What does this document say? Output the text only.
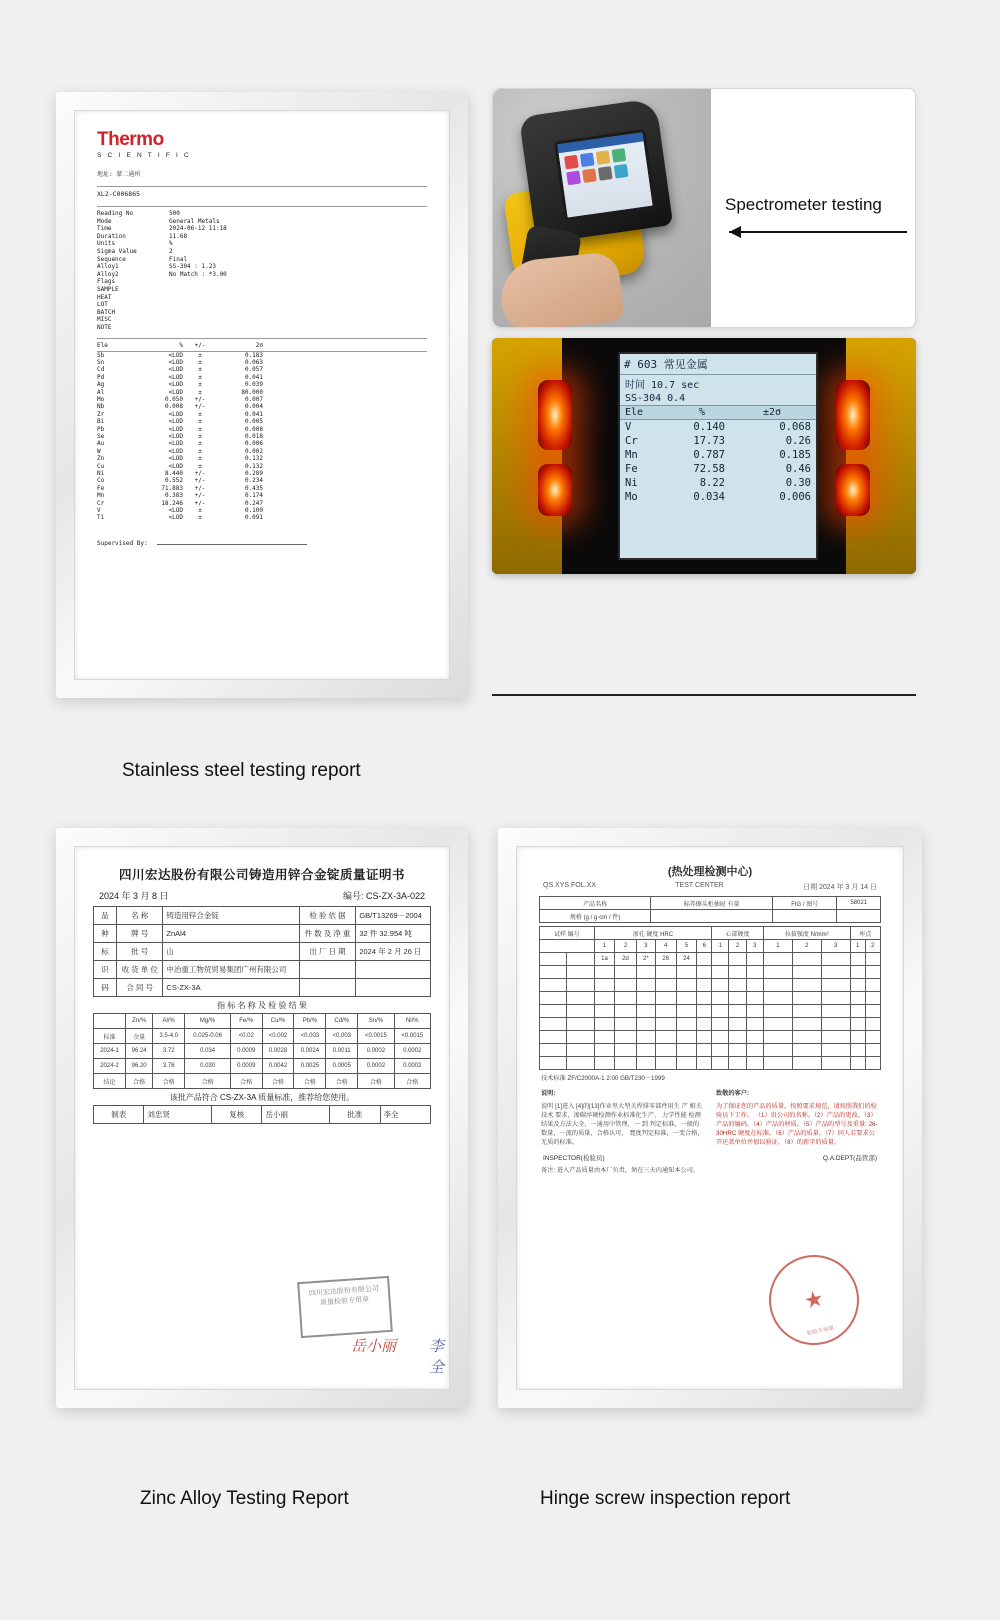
Thermo
S C I E N T I F I C
地址: 蒙二通州
XL2-C006865
Reading No	500
Mode	General Metals
Time	2024-06-12 11:18
Duration	11.68
Units	%
Sigma Value	2
Sequence	Final
Alloy1	SS-304 : 1.23
Alloy2	No Match : *3.00
Flags
SAMPLE
HEAT
LOT
BATCH
MISC
NOTE
Ele	%	+/-	2σ
Sb	<LOD	±	0.183
Sn	<LOD	±	0.063
Cd	<LOD	±	0.057
Pd	<LOD	±	0.041
Ag	<LOD	±	0.039
Al	<LOD	±	80.000
Mo	0.050	+/-	0.007
Nb	0.008	+/-	0.004
Zr	<LOD	±	0.041
Bi	<LOD	±	0.005
Pb	<LOD	±	0.008
Se	<LOD	±	0.018
Au	<LOD	±	0.006
W	<LOD	±	0.002
Zn	<LOD	±	0.132
Cu	<LOD	±	0.132
Ni	8.440	+/-	0.289
Co	0.552	+/-	0.234
Fe	71.883	+/-	0.435
Mn	0.383	+/-	0.174
Cr	18.246	+/-	0.247
V	<LOD	±	0.100
Ti	<LOD	±	0.091
Supervised By:
Spectrometer testing
# 603 常见金属
时间 10.7 sec
SS-304 0.4
Ele	%	±2σ
V	0.140	0.068
Cr	17.73	0.26
Mn	0.787	0.185
Fe	72.58	0.46
Ni	8.22	0.30
Mo	0.034	0.006
Stainless steel testing report
四川宏达股份有限公司铸造用锌合金锭质量证明书
2024 年 3 月 8 日	编号: CS-ZX-3A-022
品	名 称	铸造用锌合金锭	检 验 依 据	GB/T13269－2004
种	牌 号	ZnAl4	件 数 及 净 重	32 件 32.954 吨
标	批 号	山	出 厂 日 期	2024 年 2 月 26 日
识	收 货 单 位	中冶重工物贸贸易集团广州有限公司		
码	合 同 号	CS-ZX-3A		
指 标 名 称 及 检 验 结 果
	Zn/%	Al/%	Mg/%	Fe/%	Cu/%	Pb/%	Cd/%	Sn/%	Ni/%
标准	余量	3.5-4.0	0.025-0.06	<0.02	<0.002	<0.003	<0.003	<0.0015	<0.0015
2024-1	96.24	3.72	0.034	0.0009	0.0028	0.0024	0.0011	0.0002	0.0002
2024-2	96.20	3.76	0.030	0.0009	0.0042	0.0025	0.0005	0.0002	0.0002
结论	合格	合格	合格	合格	合格	合格	合格	合格	合格
该批产品符合 CS-ZX-3A 质量标准，推荐给您使用。
制表	刘忠贤	复核	岳小丽	批准	李全
四川宏达股份有限公司
质量检验专用章
岳小丽 李全
(热处理检测中心)
QS.XYS.FOL.XX	TEST CENTER	日期 2024 年 3 月 14 日
产品名称	标养擦头柜抽屉 有量	FIG / 图号	58021
规格 (g / g·cm / 件)			
试样 编号		渗孔 硬度 HRC						心部硬度			拉拔强度 N/mm²			库点	
		1	2	3	4	5	6	1	2	3	1	2	3	1	2
		1a	2σ	2*	26	24									

技术标准 ZF/C2000A-1 2:00 GB/T230－1999
说明:
说明 [1]进入 [4]的[13]作业里大型关焊排零部件用生 产 相关 技术 要求，渗碳淬硬检测作业标准化生产， 力学性能 检测结果及方法大全，一通用中管理，一 到 判定标准，一般的数量，一流的质量，合格认可， 寬度判定标准，一变合格，无质的标准。
致敬的客户:
为了保证您的产品的质量，按照要求规范，请按照我们的检验员下工作。 （1）贵公司的名称。（2）产品的更改。（3）产品的编码。（4）产品的材质。（5）产品的型号及重量: 26-30HRC 硬度在标准，（6）产品的质量。（7）同人若要求公开还款单位并加以验证，（8）的新字的质量。
INSPECTOR(检验员)	Q.A.DEPT(品管部)
备注: 进入产品质量由本厂负责，须在三天内通知本公司。
★
检验专用章
Zinc Alloy Testing Report	Hinge screw inspection report
